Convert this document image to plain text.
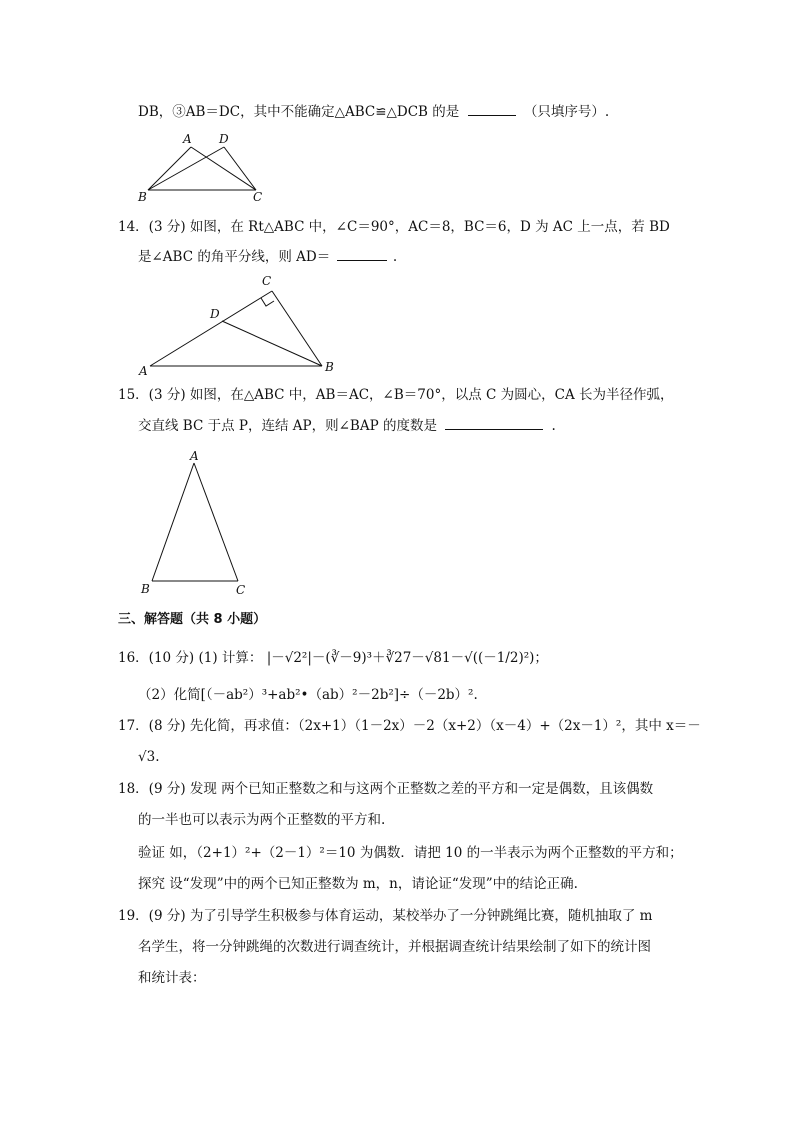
DB，③AB＝DC，其中不能确定△ABC≌△DCB 的是	（只填序号）.
A D
B	C
14．(3 分) 如图，在 Rt△ABC 中，∠C＝90°，AC＝8，BC＝6，D 为 AC 上一点，若 BD
是∠ABC 的角平分线，则 AD＝	.
C
D
A	B
15．(3 分) 如图，在△ABC 中，AB＝AC，∠B＝70°，以点 C 为圆心，CA 长为半径作弧，
交直线 BC 于点 P，连结 AP，则∠BAP 的度数是	.
A
B	C
三、解答题（共 8 小题）
16．(10 分) (1) 计算： |－√2²|－(∛－9)³＋∛27－√81－√((－1/2)²)；
（2）化简[（－ab²）³+ab²•（ab）²－2b²]÷（－2b）².
17．(8 分) 先化简，再求值：（2x+1）（1－2x）－2（x+2）（x－4）+（2x－1）²，其中 x＝－
√3.
18．(9 分) 发现 两个已知正整数之和与这两个正整数之差的平方和一定是偶数，且该偶数
的一半也可以表示为两个正整数的平方和.
验证 如，（2+1）²+（2－1）²＝10 为偶数．请把 10 的一半表示为两个正整数的平方和；
探究 设“发现”中的两个已知正整数为 m，n，请论证“发现”中的结论正确.
19．(9 分) 为了引导学生积极参与体育运动，某校举办了一分钟跳绳比赛，随机抽取了 m
名学生，将一分钟跳绳的次数进行调查统计，并根据调查统计结果绘制了如下的统计图
和统计表：
